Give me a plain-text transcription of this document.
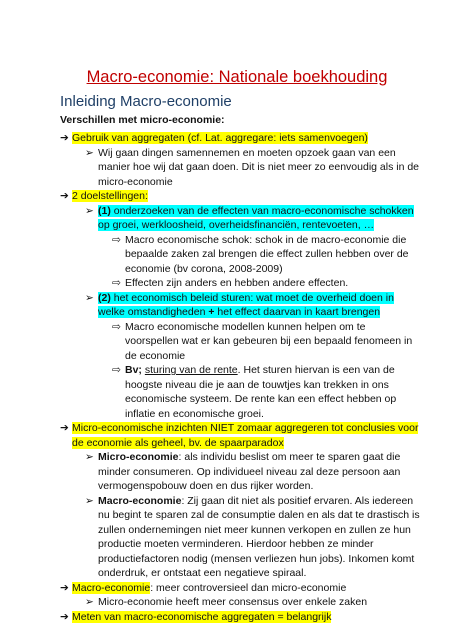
Macro-economie: Nationale boekhouding
Inleiding Macro-economie
Verschillen met micro-economie:
➔ Gebruik van aggregaten (cf. Lat. aggregare: iets samenvoegen)
➢ Wij gaan dingen samennemen en moeten opzoek gaan van een manier hoe wij dat gaan doen. Dit is niet meer zo eenvoudig als in de micro-economie
➔ 2 doelstellingen:
➢ (1) onderzoeken van de effecten van macro-economische schokken op groei, werkloosheid, overheidsfinanciën, rentevoeten, …
⇨ Macro economische schok: schok in de macro-economie die bepaalde zaken zal brengen die effect zullen hebben over de economie (bv corona, 2008-2009)
⇨ Effecten zijn anders en hebben andere effecten.
➢ (2) het economisch beleid sturen: wat moet de overheid doen in welke omstandigheden + het effect daarvan in kaart brengen
⇨ Macro economische modellen kunnen helpen om te voorspellen wat er kan gebeuren bij een bepaald fenomeen in de economie
⇨ Bv; sturing van de rente. Het sturen hiervan is een van de hoogste niveau die je aan de touwtjes kan trekken in ons economische systeem. De rente kan een effect hebben op inflatie en economische groei.
➔ Micro-economische inzichten NIET zomaar aggregeren tot conclusies voor de economie als geheel, bv. de spaarparadox
➢ Micro-economie: als individu beslist om meer te sparen gaat die minder consumeren. Op individueel niveau zal deze persoon aan vermogenspobouw doen en dus rijker worden.
➢ Macro-economie: Zij gaan dit niet als positief ervaren. Als iedereen nu begint te sparen zal de consumptie dalen en als dat te drastisch is zullen ondernemingen niet meer kunnen verkopen en zullen ze hun productie moeten verminderen. Hierdoor hebben ze minder productiefactoren nodig (mensen verliezen hun jobs). Inkomen komt onderdruk, er ontstaat een negatieve spiraal.
➔ Macro-economie: meer controversieel dan micro-economie
➢ Micro-economie heeft meer consensus over enkele zaken
➔ Meten van macro-economische aggregaten = belangrijk
